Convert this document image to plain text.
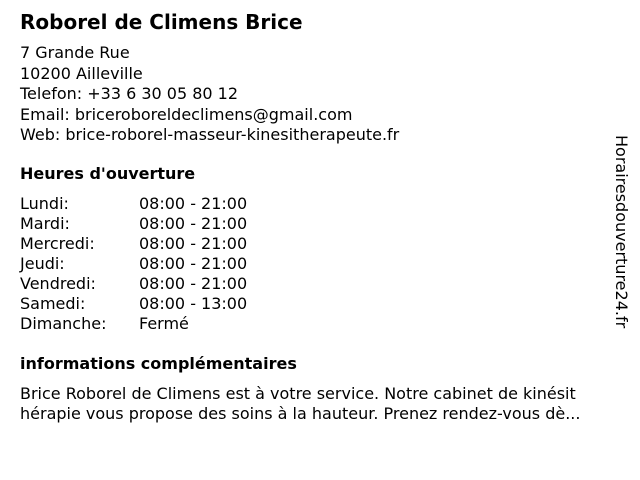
Roborel de Climens Brice
7 Grande Rue
10200 Ailleville
Telefon: +33 6 30 05 80 12
Email: briceroboreldeclimens@gmail.com
Web: brice-roborel-masseur-kinesitherapeute.fr
Heures d'ouverture
Lundi:	08:00 - 21:00
Mardi:	08:00 - 21:00
Mercredi:	08:00 - 21:00
Jeudi:	08:00 - 21:00
Vendredi:	08:00 - 21:00
Samedi:	08:00 - 13:00
Dimanche: Fermé
informations complémentaires
Brice Roborel de Climens est à votre service. Notre cabinet de kinésit
hérapie vous propose des soins à la hauteur. Prenez rendez-vous dè...
Horairesdouverture24.fr
